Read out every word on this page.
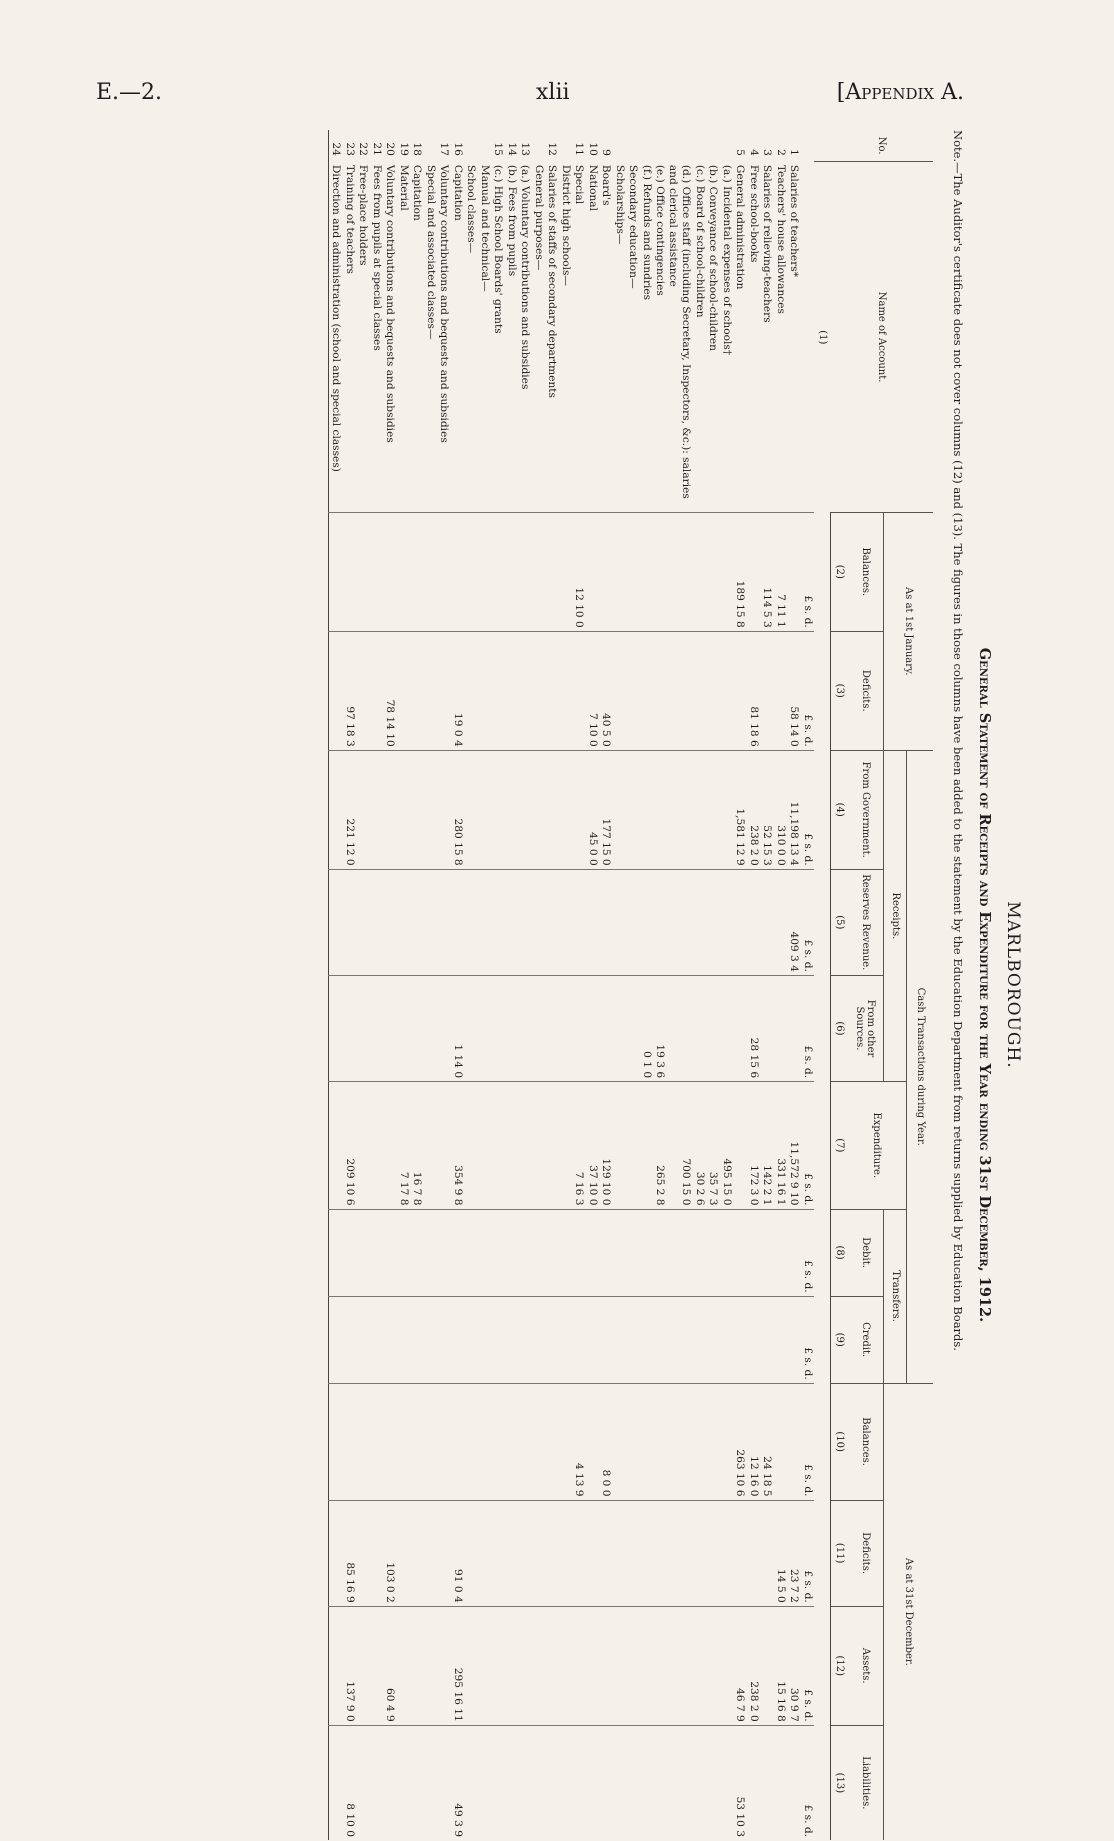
E.—2.	xlii	[Appendix A.
MARLBOROUGH.
General Statement of Receipts and Expenditure for the Year ending 31st December, 1912.
Note.—The Auditor's certificate does not cover columns (12) and (13). The figures in those columns have been added to the statement by the Education Department from returns supplied by Education Boards.
No.	Name of Account.	As at 1st January.		Cash Transactions during Year.						As at 31st December.			
				Receipts.			Expenditure.	Transfers.					
		Balances.	Deficits.	From Government.	Reserves Revenue.	From other Sources.		Debit.	Credit.	Balances.	Deficits.	Assets.	Liabilities.
		(2)	(3)	(4)	(5)	(6)	(7)	(8)	(9)	(10)	(11)	(12)	(13)
	(1)												
		£ s. d.	£ s. d.	£ s. d.	£ s. d.	£ s. d.	£ s. d.	£ s. d.	£ s. d.	£ s. d.	£ s. d.	£ s. d.	£ s. d.
1	Salaries of teachers*		58 14 0	11,198 13 4	409 3 4		11,572 9 10				23 7 2	30 9 7	
2	Teachers' house allowances	7 11 1		310 0 0			331 16 1				14 5 0	15 16 8	
3	Salaries of relieving-teachers	114 5 3		52 15 3			142 2 1			24 18 5			
4	Free school-books		81 18 6	238 2 0		28 15 6	172 3 0			12 16 0		238 2 0	
5	General administration	189 15 8		1,581 12 9						263 10 6		46 7 9	53 10 3
	(a.) Incidental expenses of schools†						495 15 0						
	(b.) Conveyance of school-children						35 7 3						
	(c.) Board of school-children						30 2 6						
	(d.) Office staff (including Secretary, Inspectors, &c.): salaries and clerical assistance						700 15 0						
	(e.) Office contingencies					19 3 6	265 2 8						
	(f.) Refunds and sundries					0 1 0							
	Secondary education—												
	Scholarships—												
9	Board's		40 5 0	177 15 0			129 10 0			8 0 0			
10	National		7 10 0	45 0 0			37 10 0						
11	Special	12 10 0					7 16 3			4 13 9			
	District high schools—												
12	Salaries of staffs of secondary departments												
	General purposes—												
13	(a.) Voluntary contributions and subsidies												
14	(b.) Fees from pupils												
15	(c.) High School Boards' grants												
	Manual and technical—												
	School classes—												
16	Capitation		19 0 4	280 15 8		1 14 0	354 9 8				91 0 4	295 16 11	49 3 9
17	Voluntary contributions and bequests and subsidies												
	Special and associated classes—												
18	Capitation						16 7 8						
19	Material						7 17 8						
20	Voluntary contributions and bequests and subsidies		78 14 10								103 0 2	60 4 9	
21	Fees from pupils at special classes												
22	Free-place holders												
23	Training of teachers		97 18 3	221 12 0			209 10 6				85 16 9	137 9 0	8 10 0
24	Direction and administration (school and special classes)												
